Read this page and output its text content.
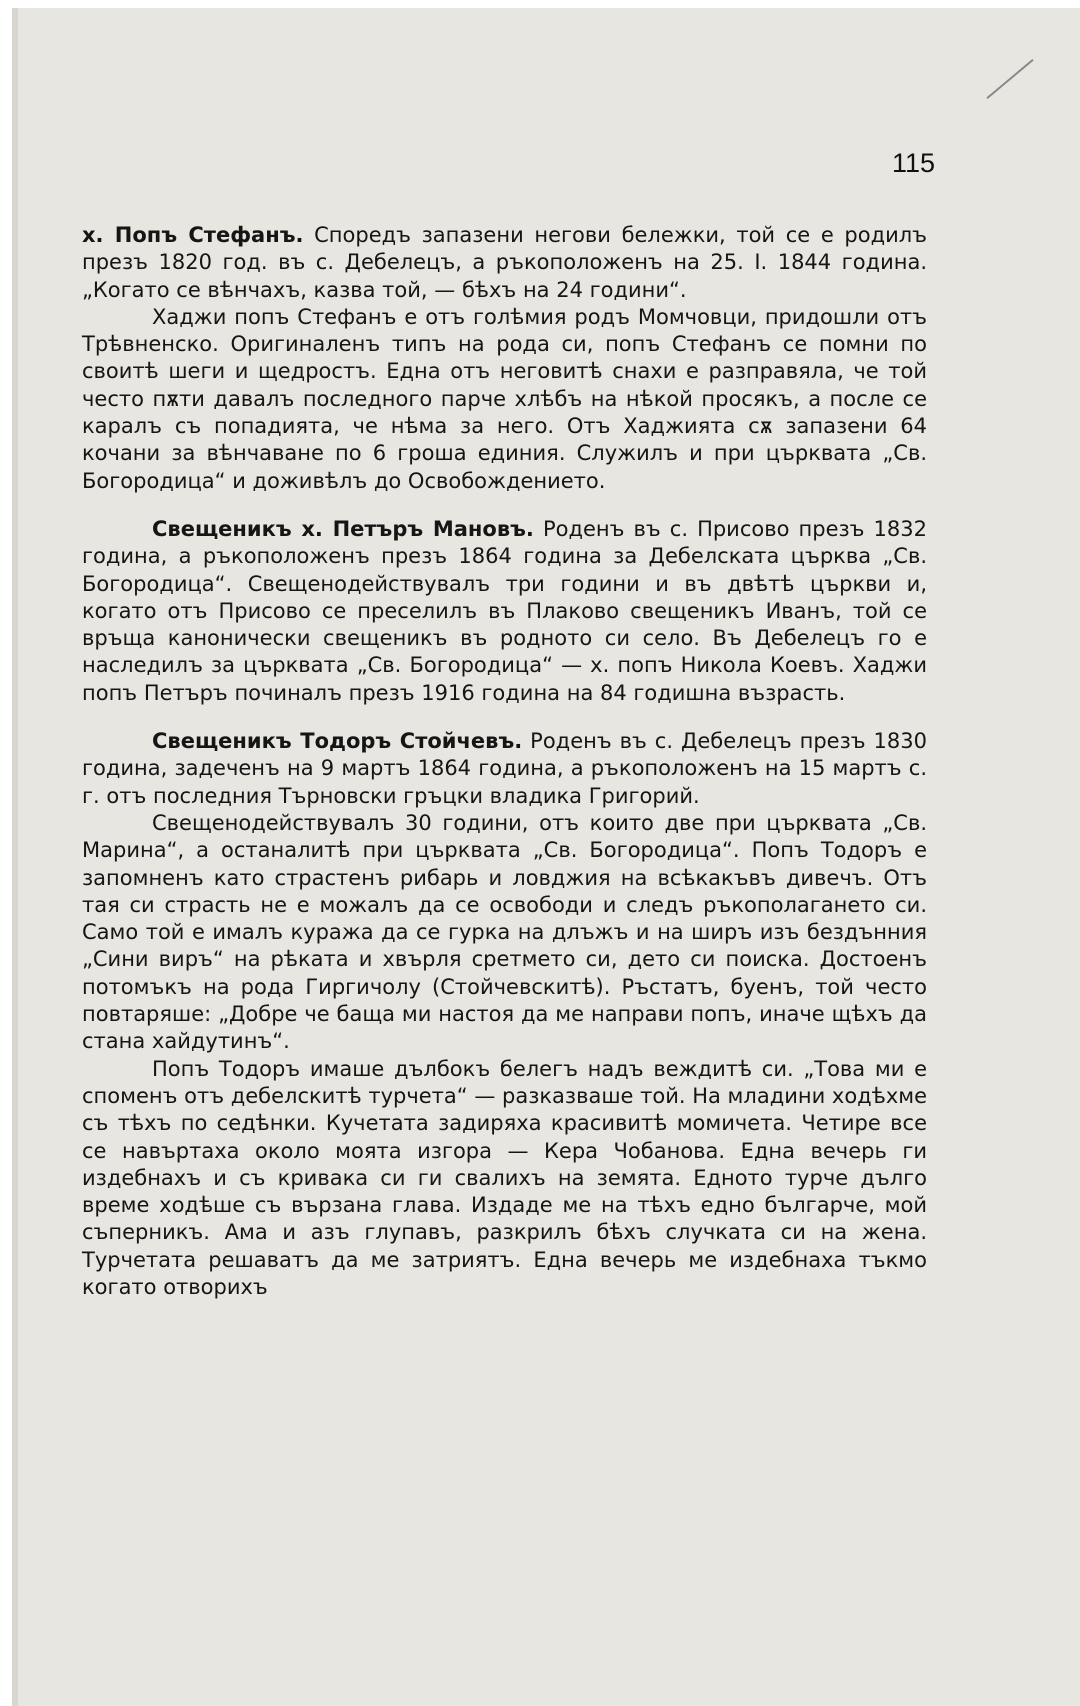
115

х. Попъ Стефанъ. Споредъ запазени негови бележки, той се е родилъ презъ 1820 год. въ с. Дебелецъ, а ръкоположенъ на 25. I. 1844 година. „Когато се вѣнчахъ, казва той, — бѣхъ на 24 години“.

Хаджи попъ Стефанъ е отъ голѣмия родъ Момчовци, придошли отъ Трѣвненско. Оригиналенъ типъ на рода си, попъ Стефанъ се помни по своитѣ шеги и щедростъ. Една отъ неговитѣ снахи е разправяла, че той често пѫти давалъ последного парче хлѣбъ на нѣкой просякъ, а после се каралъ съ попадията, че нѣма за него. Отъ Хаджията сѫ запазени 64 кочани за вѣнчаване по 6 гроша единия. Служилъ и при църквата „Св. Богородица“ и доживѣлъ до Освобождението.

Свещеникъ х. Петъръ Мановъ. Роденъ въ с. Присово презъ 1832 година, а ръкоположенъ презъ 1864 година за Дебелската църква „Св. Богородица“. Свещенодействувалъ три години и въ двѣтѣ църкви и, когато отъ Присово се преселилъ въ Плаково свещеникъ Иванъ, той се връща канонически свещеникъ въ родното си село. Въ Дебелецъ го е наследилъ за църквата „Св. Богородица“ — х. попъ Никола Коевъ. Хаджи попъ Петъръ починалъ презъ 1916 година на 84 годишна възрасть.

Свещеникъ Тодоръ Стойчевъ. Роденъ въ с. Дебелецъ презъ 1830 година, задеченъ на 9 мартъ 1864 година, а ръкоположенъ на 15 мартъ с. г. отъ последния Търновски гръцки владика Григорий.

Свещенодействувалъ 30 години, отъ които две при църквата „Св. Марина“, а останалитѣ при църквата „Св. Богородица“. Попъ Тодоръ е запомненъ като страстенъ рибарь и ловджия на всѣкакъвъ дивечъ. Отъ тая си страсть не е можалъ да се освободи и следъ ръкополагането си. Само той е ималъ куража да се гурка на длъжъ и на ширъ изъ бездънния „Сини виръ“ на рѣката и хвърля сретмето си, дето си поиска. Достоенъ потомъкъ на рода Гиргичолу (Стойчевскитѣ). Ръстатъ, буенъ, той често повтаряше: „Добре че баща ми настоя да ме направи попъ, иначе щѣхъ да стана хайдутинъ“.

Попъ Тодоръ имаше дълбокъ белегъ надъ веждитѣ си. „Това ми е споменъ отъ дебелскитѣ турчета“ — разказваше той. На младини ходѣхме съ тѣхъ по седѣнки. Кучетата задиряха красивитѣ момичета. Четире все се навъртаха около моята изгора — Кера Чобанова. Една вечерь ги издебнахъ и съ кривака си ги свалихъ на земята. Едното турче дълго време ходѣше съ вързана глава. Издаде ме на тѣхъ едно българче, мой съперникъ. Ама и азъ глупавъ, разкрилъ бѣхъ случката си на жена. Турчетата решаватъ да ме затриятъ. Една вечерь ме издебнаха тъкмо когато отворихъ
